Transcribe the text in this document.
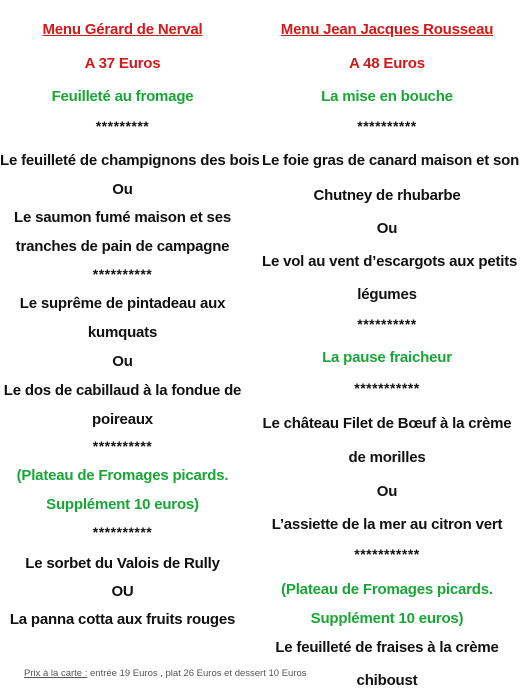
Menu Gérard de Nerval
A 37 Euros
Feuilleté au fromage
*********
Le feuilleté de champignons des bois
Ou
Le saumon fumé maison et ses
tranches de pain de campagne
**********
Le suprême de pintadeau aux
kumquats
Ou
Le dos de cabillaud à la fondue de
poireaux
**********
(Plateau de Fromages picards.
Supplément 10 euros)
**********
Le sorbet du Valois de Rully
OU
La panna cotta aux fruits rouges
Menu Jean Jacques Rousseau
A 48 Euros
La mise en bouche
**********
Le foie gras de canard maison et son
Chutney de rhubarbe
Ou
Le vol au vent d’escargots aux petits
légumes
**********
La pause fraicheur
***********
Le château Filet de Bœuf à la crème
de morilles
Ou
L’assiette de la mer au citron vert
***********
(Plateau de Fromages picards.
Supplément 10 euros)
Le feuilleté de fraises à la crème
chiboust
Prix à la carte : entrée 19 Euros , plat 26 Euros et dessert 10 Euros
